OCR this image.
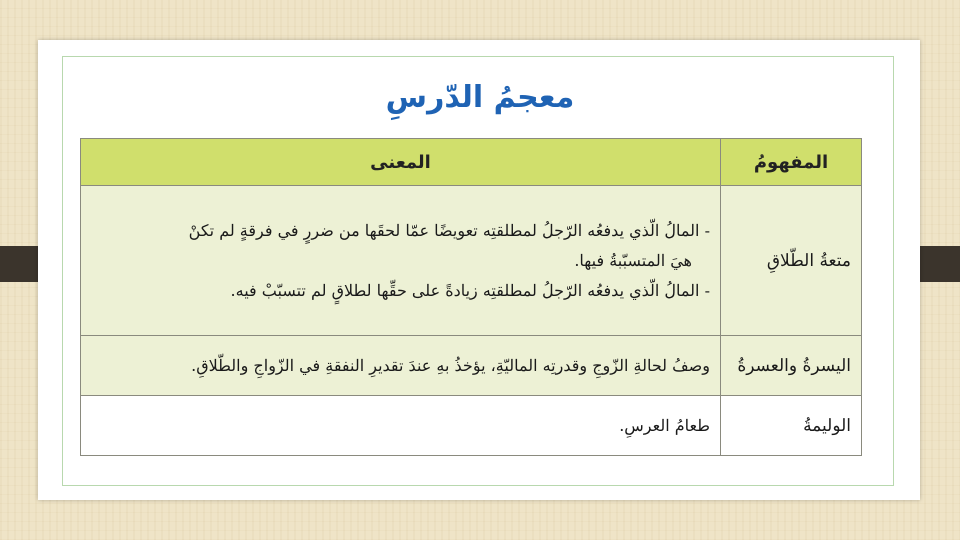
معجمُ الدّرسِ
المفهومُ	المعنى
متعةُ الطّلاقِ	- المالُ الّذي يدفعُه الرّجلُ لمطلقتِه تعويضًا عمّا لحقَها من ضررٍ في فرقةٍ لم تكنْ
هيَ المتسبّبةُ فيها.
- المالُ الّذي يدفعُه الرّجلُ لمطلقتِه زيادةً على حقِّها لطلاقٍ لم تتسبّبْ فيه.

اليسرةُ والعسرةُ	وصفُ لحالةِ الزّوجِ وقدرتِه الماليّةِ، يؤخذُ بهِ عندَ تقديرِ النفقةِ في الزّواجِ والطّلاقِ.
الوليمةُ	طعامُ العرسِ.
